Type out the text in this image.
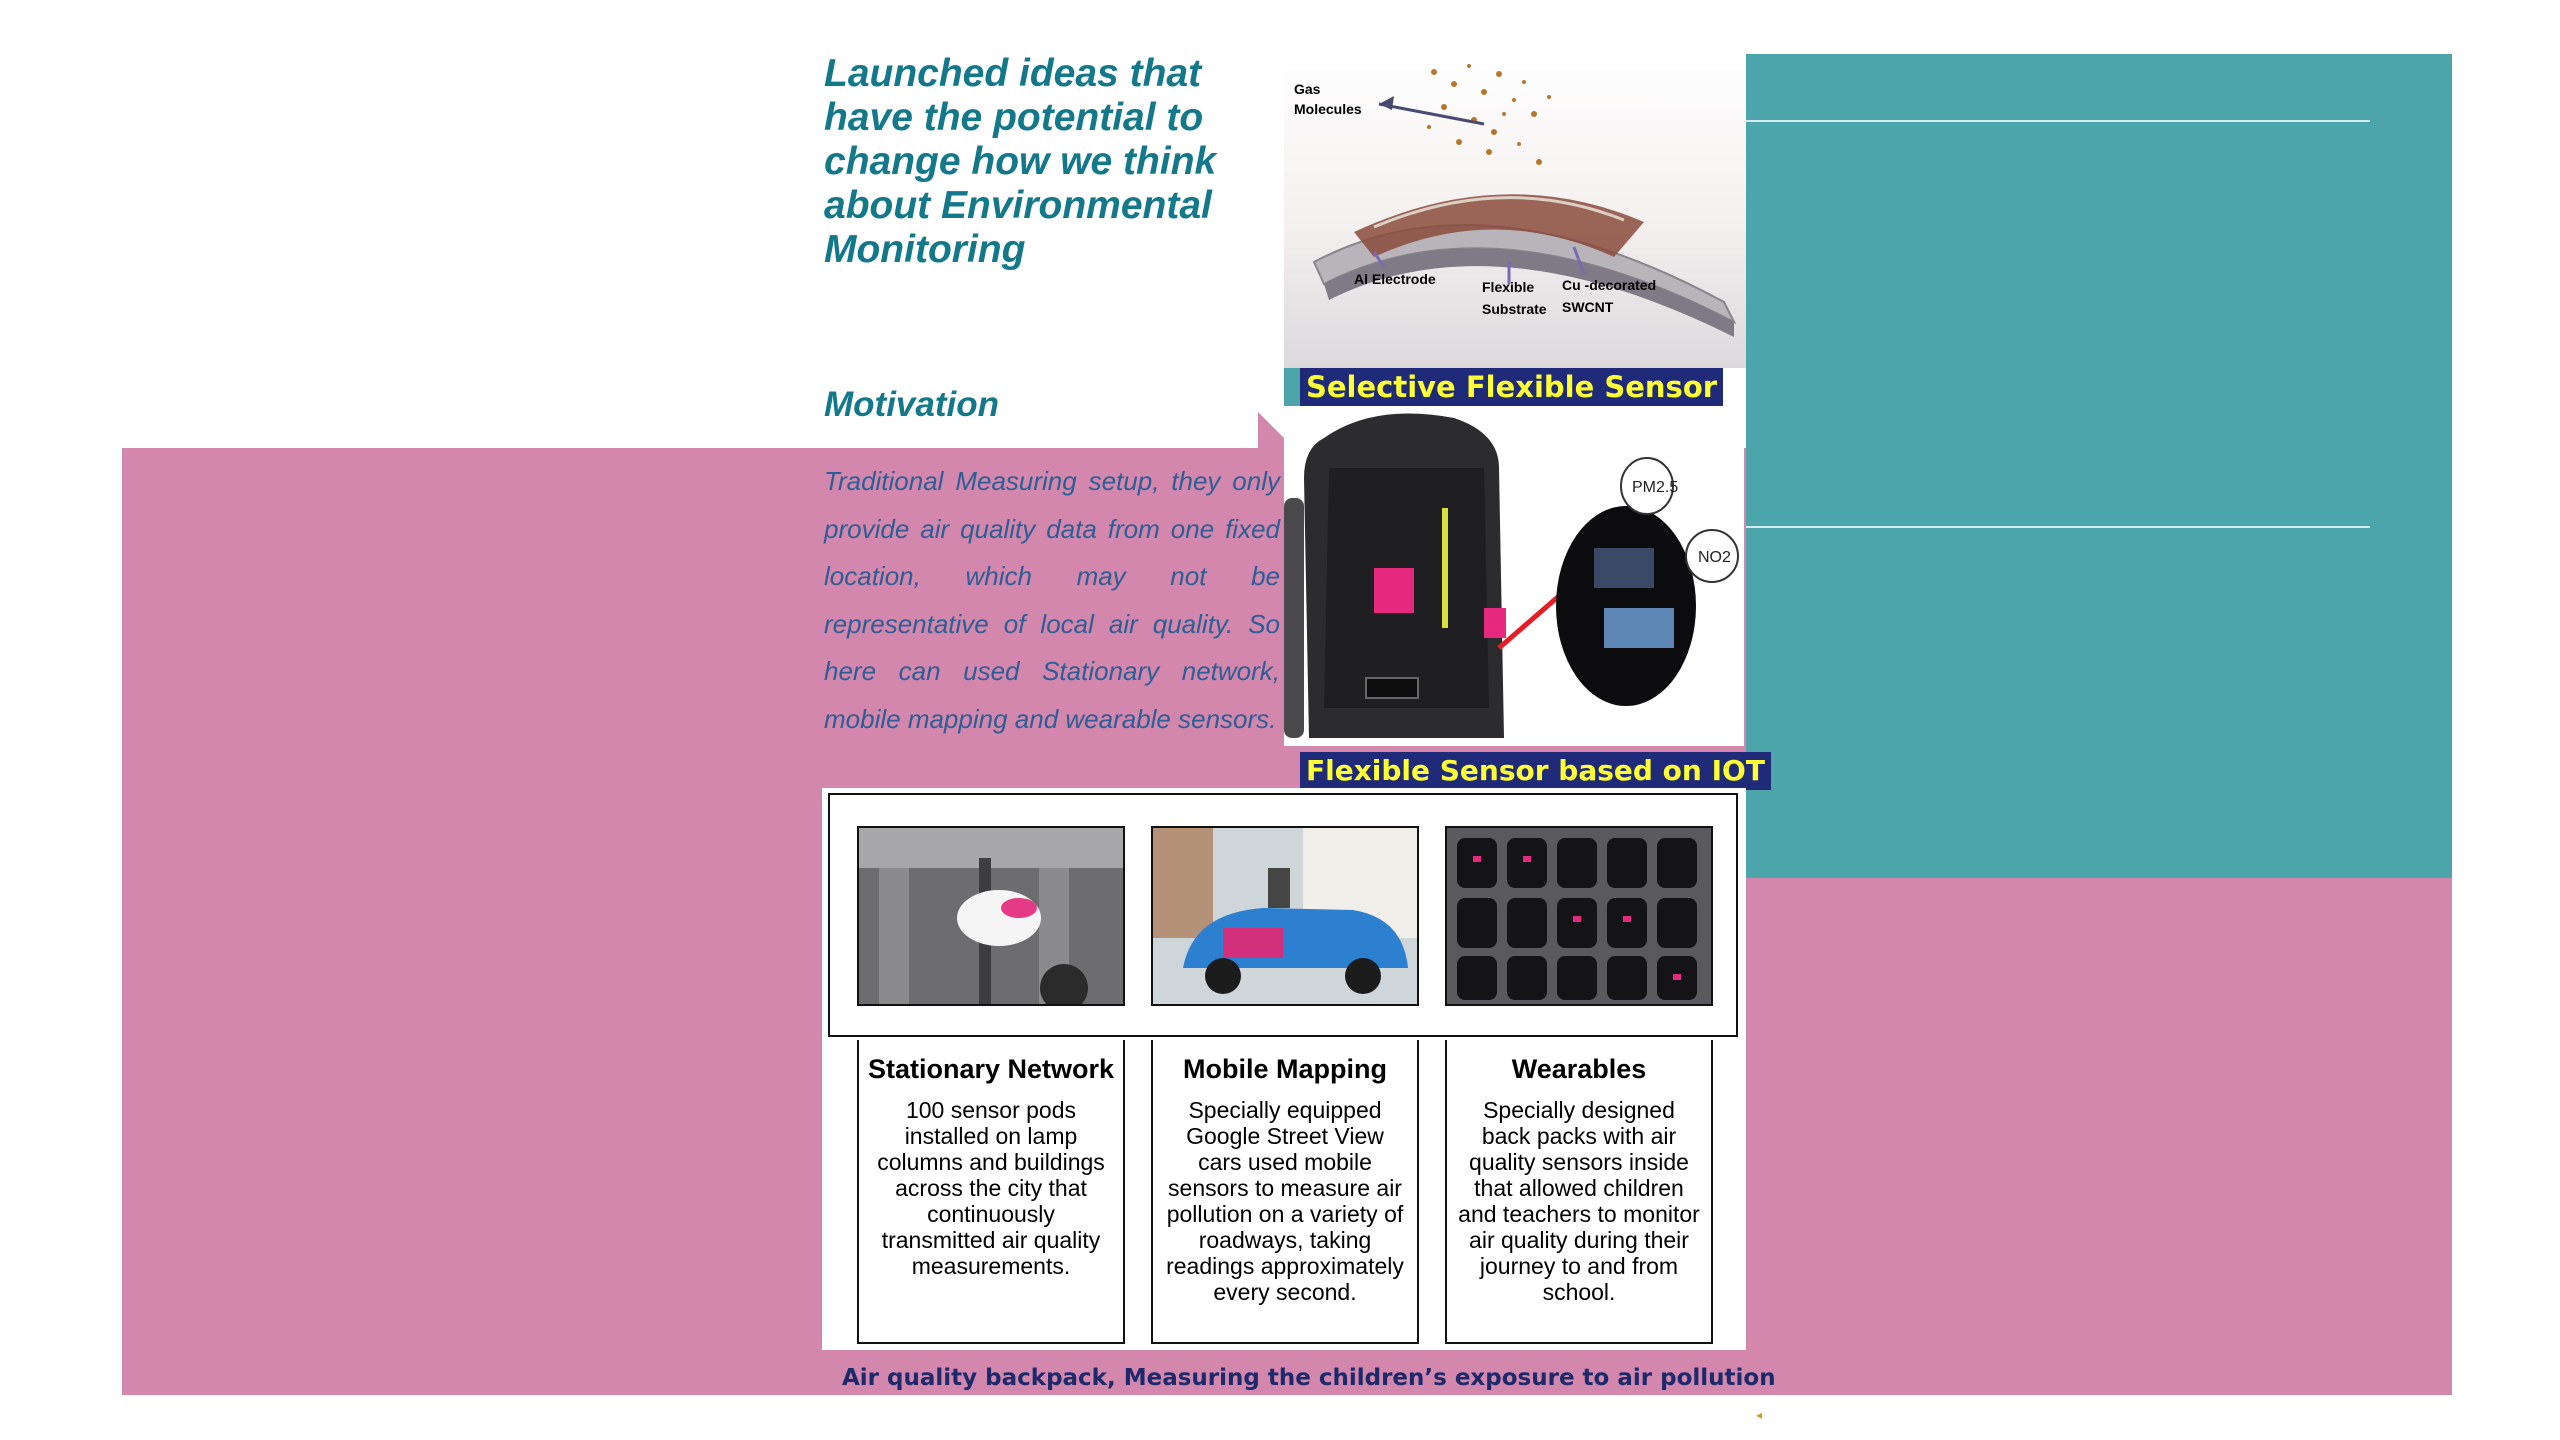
Launched ideas that have the potential to change how we think about Environmental Monitoring
Motivation

Traditional Measuring setup, they only provide air quality data from one fixed location, which may not be representative of local air quality. So here can used Stationary network, mobile mapping and wearable sensors.

Gas
Molecules
Al Electrode	Flexible
Substrate
Cu -decorated
SWCNT
Selective Flexible Sensor
PM2.5
NO2
Flexible Sensor based on IOT
Stationary Network

100 sensor pods installed on lamp columns and buildings across the city that continuously transmitted air quality measurements.

Mobile Mapping

Specially equipped Google Street View cars used mobile sensors to measure air pollution on a variety of roadways, taking readings approximately every second.

Wearables

Specially designed back packs with air quality sensors inside that allowed children and teachers to monitor air quality during their journey to and from school.

Air quality backpack, Measuring the children’s exposure to air pollution
◂
